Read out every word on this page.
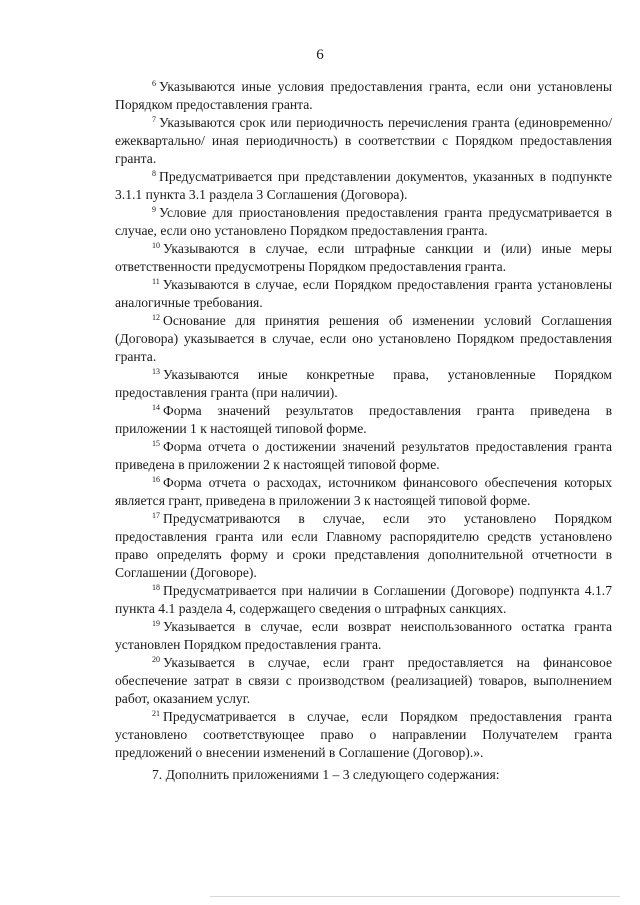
6

$^6$ Указываются иные условия предоставления гранта, если они установлены Порядком предоставления гранта.

$^7$ Указываются срок или периодичность перечисления гранта (единовременно/ежеквартально/ иная периодичность) в соответствии с Порядком предоставления гранта.

$^8$ Предусматривается при представлении документов, указанных в подпункте 3.1.1 пункта 3.1 раздела 3 Соглашения (Договора).

$^9$ Условие для приостановления предоставления гранта предусматривается в случае, если оно установлено Порядком предоставления гранта.

$^{10}$ Указываются в случае, если штрафные санкции и (или) иные меры ответственности предусмотрены Порядком предоставления гранта.

$^{11}$ Указываются в случае, если Порядком предоставления гранта установлены аналогичные требования.

$^{12}$ Основание для принятия решения об изменении условий Соглашения (Договора) указывается в случае, если оно установлено Порядком предоставления гранта.

$^{13}$ Указываются иные конкретные права, установленные Порядком предоставления гранта (при наличии).

$^{14}$ Форма значений результатов предоставления гранта приведена в приложении 1 к настоящей типовой форме.

$^{15}$ Форма отчета о достижении значений результатов предоставления гранта приведена в приложении 2 к настоящей типовой форме.

$^{16}$ Форма отчета о расходах, источником финансового обеспечения которых является грант, приведена в приложении 3 к настоящей типовой форме.

$^{17}$ Предусматриваются в случае, если это установлено Порядком предоставления гранта или если Главному распорядителю средств установлено право определять форму и сроки представления дополнительной отчетности в Соглашении (Договоре).

$^{18}$ Предусматривается при наличии в Соглашении (Договоре) подпункта 4.1.7 пункта 4.1 раздела 4, содержащего сведения о штрафных санкциях.

$^{19}$ Указывается в случае, если возврат неиспользованного остатка гранта установлен Порядком предоставления гранта.

$^{20}$ Указывается в случае, если грант предоставляется на финансовое обеспечение затрат в связи с производством (реализацией) товаров, выполнением работ, оказанием услуг.

$^{21}$ Предусматривается в случае, если Порядком предоставления гранта установлено соответствующее право о направлении Получателем гранта предложений о внесении изменений в Соглашение (Договор).».

7. Дополнить приложениями 1 – 3 следующего содержания:
